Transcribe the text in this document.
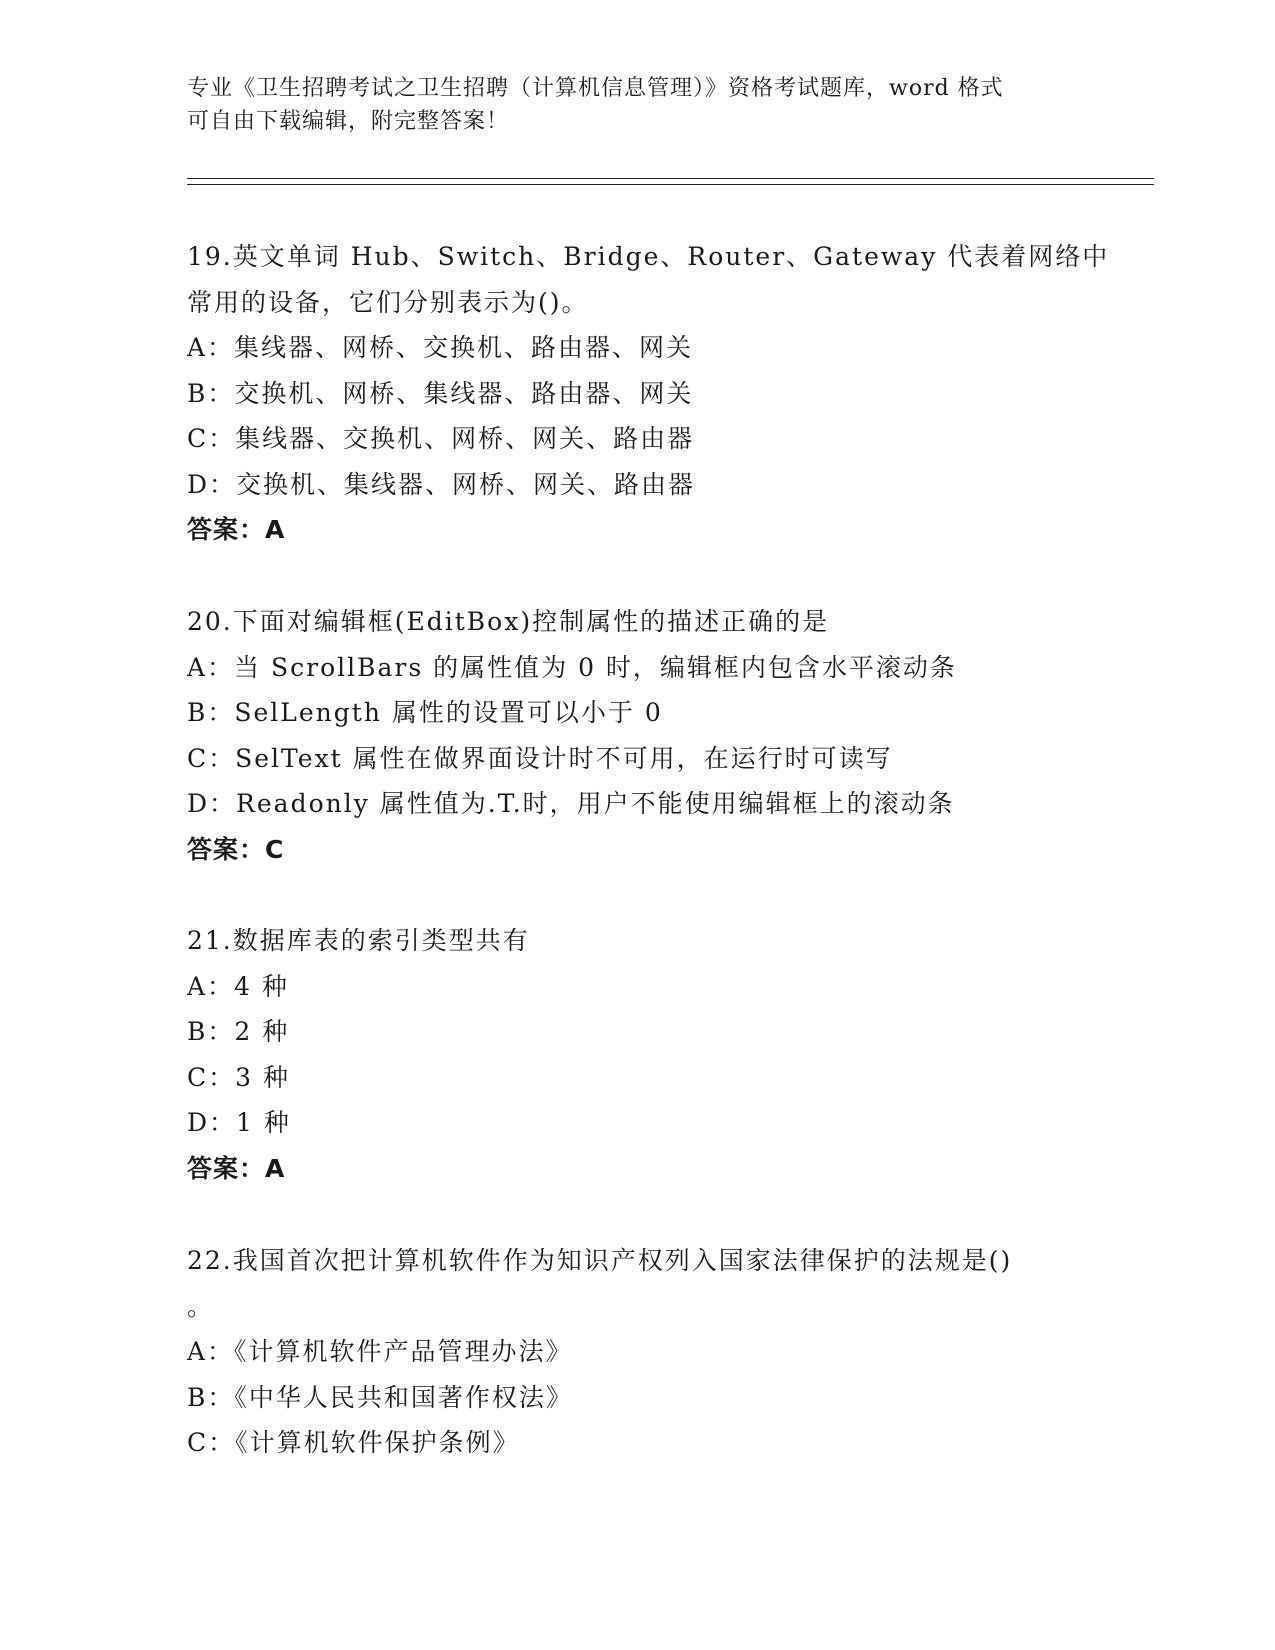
专业《卫生招聘考试之卫生招聘（计算机信息管理）》资格考试题库，word 格式
可自由下载编辑，附完整答案！
19.英文单词 Hub、Switch、Bridge、Router、Gateway 代表着网络中
常用的设备，它们分别表示为()。
A：集线器、网桥、交换机、路由器、网关
B：交换机、网桥、集线器、路由器、网关
C：集线器、交换机、网桥、网关、路由器
D：交换机、集线器、网桥、网关、路由器
答案：A
20.下面对编辑框(EditBox)控制属性的描述正确的是
A：当 ScrollBars 的属性值为 0 时，编辑框内包含水平滚动条
B：SelLength 属性的设置可以小于 0
C：SelText 属性在做界面设计时不可用，在运行时可读写
D：Readonly 属性值为.T.时，用户不能使用编辑框上的滚动条
答案：C
21.数据库表的索引类型共有
A：4 种
B：2 种
C：3 种
D：1 种
答案：A
22.我国首次把计算机软件作为知识产权列入国家法律保护的法规是()
。
A：《计算机软件产品管理办法》
B：《中华人民共和国著作权法》
C：《计算机软件保护条例》
